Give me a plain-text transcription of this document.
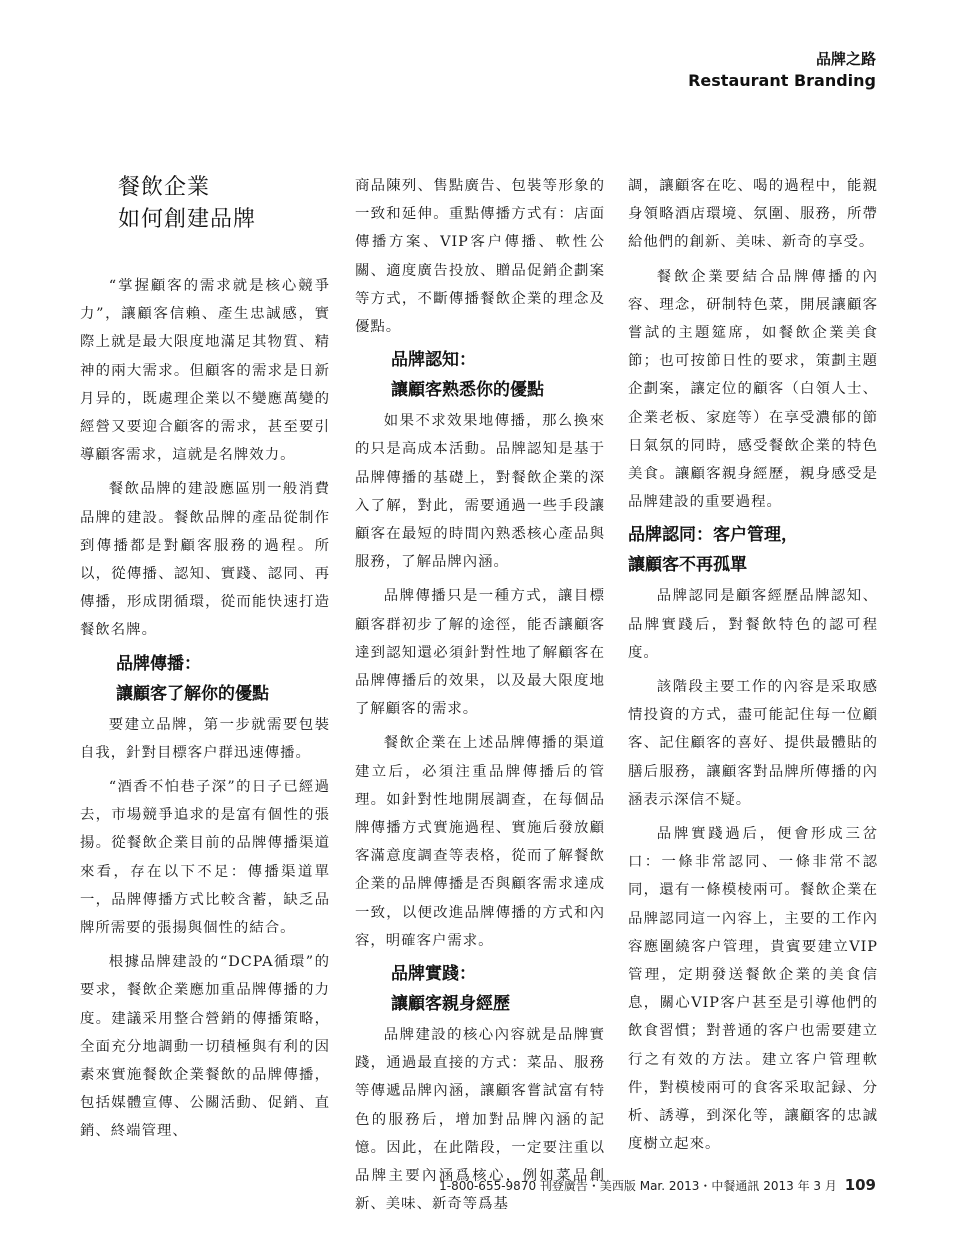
品牌之路
Restaurant Branding
餐飲企業
如何創建品牌

“掌握顧客的需求就是核心競爭力”，讓顧客信賴、產生忠誠感，實際上就是最大限度地滿足其物質、精神的兩大需求。但顧客的需求是日新月异的，既處理企業以不變應萬變的經營又要迎合顧客的需求，甚至要引導顧客需求，這就是名牌效力。

餐飲品牌的建設應區別一般消費品牌的建設。餐飲品牌的產品從制作到傳播都是對顧客服務的過程。所以，從傳播、認知、實踐、認同、再傳播，形成閉循環，從而能快速打造餐飲名牌。

品牌傳播：
讓顧客了解你的優點

要建立品牌，第一步就需要包裝自我，針對目標客户群迅速傳播。

“酒香不怕巷子深”的日子已經過去，市場競爭追求的是富有個性的張揚。從餐飲企業目前的品牌傳播渠道來看，存在以下不足：傳播渠道單一，品牌傳播方式比較含蓄，缺乏品牌所需要的張揚與個性的結合。

根據品牌建設的“DCPA循環”的要求，餐飲企業應加重品牌傳播的力度。建議采用整合營銷的傳播策略，全面充分地調動一切積極與有利的因素來實施餐飲企業餐飲的品牌傳播，包括媒體宣傳、公關活動、促銷、直銷、終端管理、

商品陳列、售點廣告、包裝等形象的一致和延伸。重點傳播方式有：店面傳播方案、VIP客户傳播、軟性公關、適度廣告投放、贈品促銷企劃案等方式，不斷傳播餐飲企業的理念及優點。

品牌認知：
讓顧客熟悉你的優點

如果不求效果地傳播，那么換來的只是高成本活動。品牌認知是基于品牌傳播的基礎上，對餐飲企業的深入了解，對此，需要通過一些手段讓顧客在最短的時間內熟悉核心產品與服務，了解品牌內涵。

品牌傳播只是一種方式，讓目標顧客群初步了解的途徑，能否讓顧客達到認知還必須針對性地了解顧客在品牌傳播后的效果，以及最大限度地了解顧客的需求。

餐飲企業在上述品牌傳播的渠道建立后，必須注重品牌傳播后的管理。如針對性地開展調查，在每個品牌傳播方式實施過程、實施后發放顧客滿意度調查等表格，從而了解餐飲企業的品牌傳播是否與顧客需求達成一致，以便改進品牌傳播的方式和內容，明確客户需求。

品牌實踐：
讓顧客親身經歷

品牌建設的核心內容就是品牌實踐，通過最直接的方式：菜品、服務等傳遞品牌內涵，讓顧客嘗試富有特色的服務后，增加對品牌內涵的記憶。因此，在此階段，一定要注重以品牌主要內涵爲核心，例如菜品創新、美味、新奇等爲基

調，讓顧客在吃、喝的過程中，能親身領略酒店環境、氛圍、服務，所帶給他們的創新、美味、新奇的享受。

餐飲企業要結合品牌傳播的內容、理念，研制特色菜，開展讓顧客嘗試的主題筵席，如餐飲企業美食節；也可按節日性的要求，策劃主題企劃案，讓定位的顧客（白領人士、企業老板、家庭等）在享受濃郁的節日氣氛的同時，感受餐飲企業的特色美食。讓顧客親身經歷，親身感受是品牌建設的重要過程。

品牌認同：客户管理，
讓顧客不再孤單

品牌認同是顧客經歷品牌認知、品牌實踐后，對餐飲特色的認可程度。

該階段主要工作的內容是采取感情投資的方式，盡可能記住每一位顧客、記住顧客的喜好、提供最體貼的膳后服務，讓顧客對品牌所傳播的內涵表示深信不疑。

品牌實踐過后，便會形成三岔口：一條非常認同、一條非常不認同，還有一條模棱兩可。餐飲企業在品牌認同這一內容上，主要的工作內容應圍繞客户管理，貴賓要建立VIP管理，定期發送餐飲企業的美食信息，關心VIP客户甚至是引導他們的飲食習慣；對普通的客户也需要建立行之有效的方法。建立客户管理軟件，對模棱兩可的食客采取記録、分析、誘導，到深化等，讓顧客的忠誠度樹立起來。

1-800-655-9870 刊登廣告・美西版 Mar. 2013・中餐通訊 2013 年 3 月 109
